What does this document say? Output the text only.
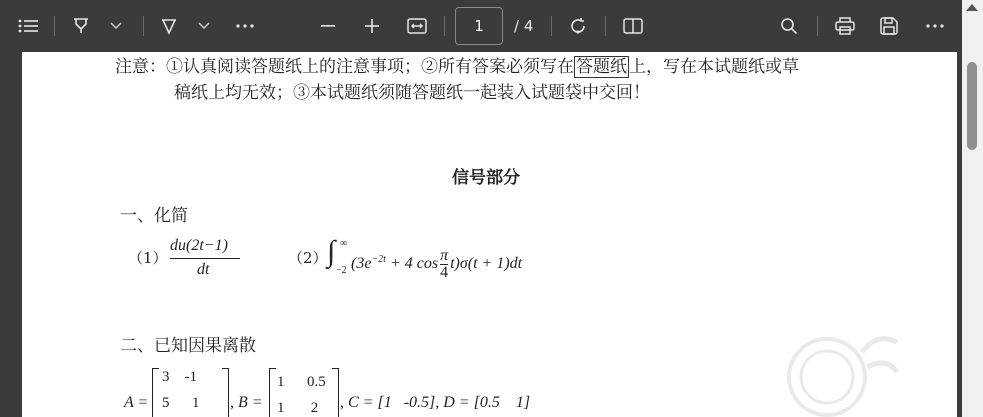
1	/ 4
注意：①认真阅读答题纸上的注意事项；②所有答案必须写在 答题纸 上，写在本试题纸或草
稿纸上均无效；③本试题纸须随答题纸一起装入试题袋中交回！
信号部分
一、化简
（1）
du(2t−1)
dt
（2） ∫ ∞
−2 ($3e^{-2t} + 4$ $\cos \frac{\pi}{4} t)\sigma(t + 1)dt$
二、已知因果离散
A =
3    -1
5      1 , B =
1      0.5
1       2 , C = [1   -0.5], D = [0.5    1]
